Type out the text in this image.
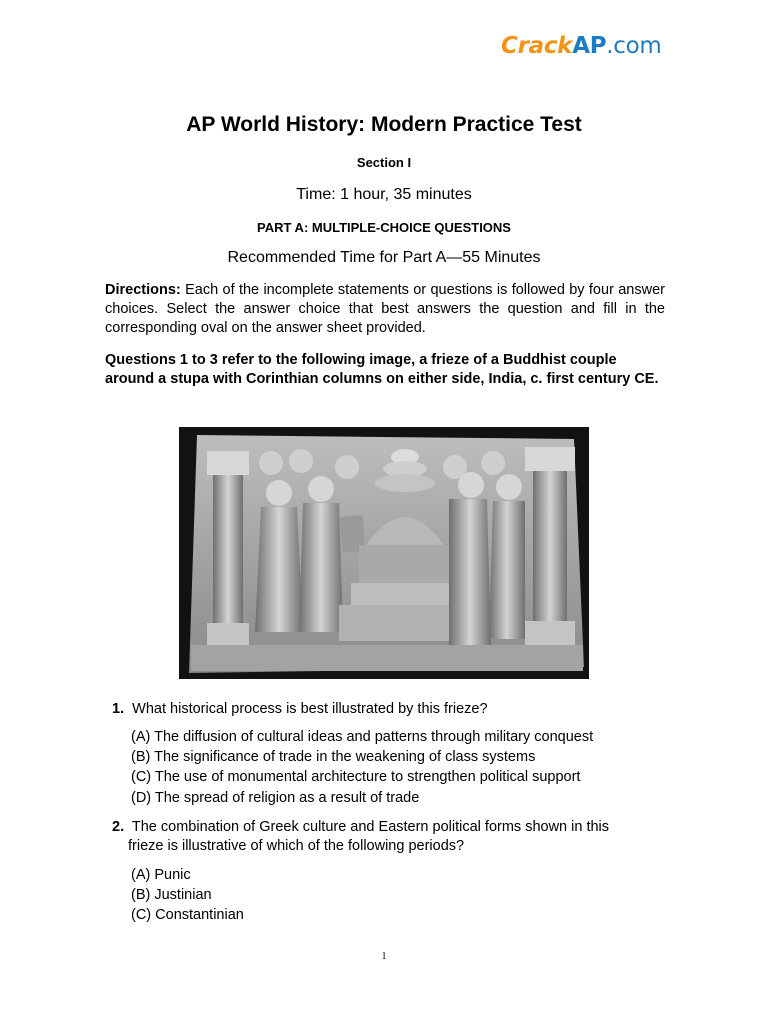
CrackAP.com
AP World History: Modern Practice Test
Section I
Time: 1 hour, 35 minutes
PART A: MULTIPLE-CHOICE QUESTIONS
Recommended Time for Part A—55 Minutes
Directions: Each of the incomplete statements or questions is followed by four answer choices. Select the answer choice that best answers the question and fill in the corresponding oval on the answer sheet provided.
Questions 1 to 3 refer to the following image, a frieze of a Buddhist couple around a stupa with Corinthian columns on either side, India, c. first century CE.
1. What historical process is best illustrated by this frieze?
(A) The diffusion of cultural ideas and patterns through military conquest
(B) The significance of trade in the weakening of class systems
(C) The use of monumental architecture to strengthen political support
(D) The spread of religion as a result of trade
2. The combination of Greek culture and Eastern political forms shown in this
frieze is illustrative of which of the following periods?
(A) Punic
(B) Justinian
(C) Constantinian
1
